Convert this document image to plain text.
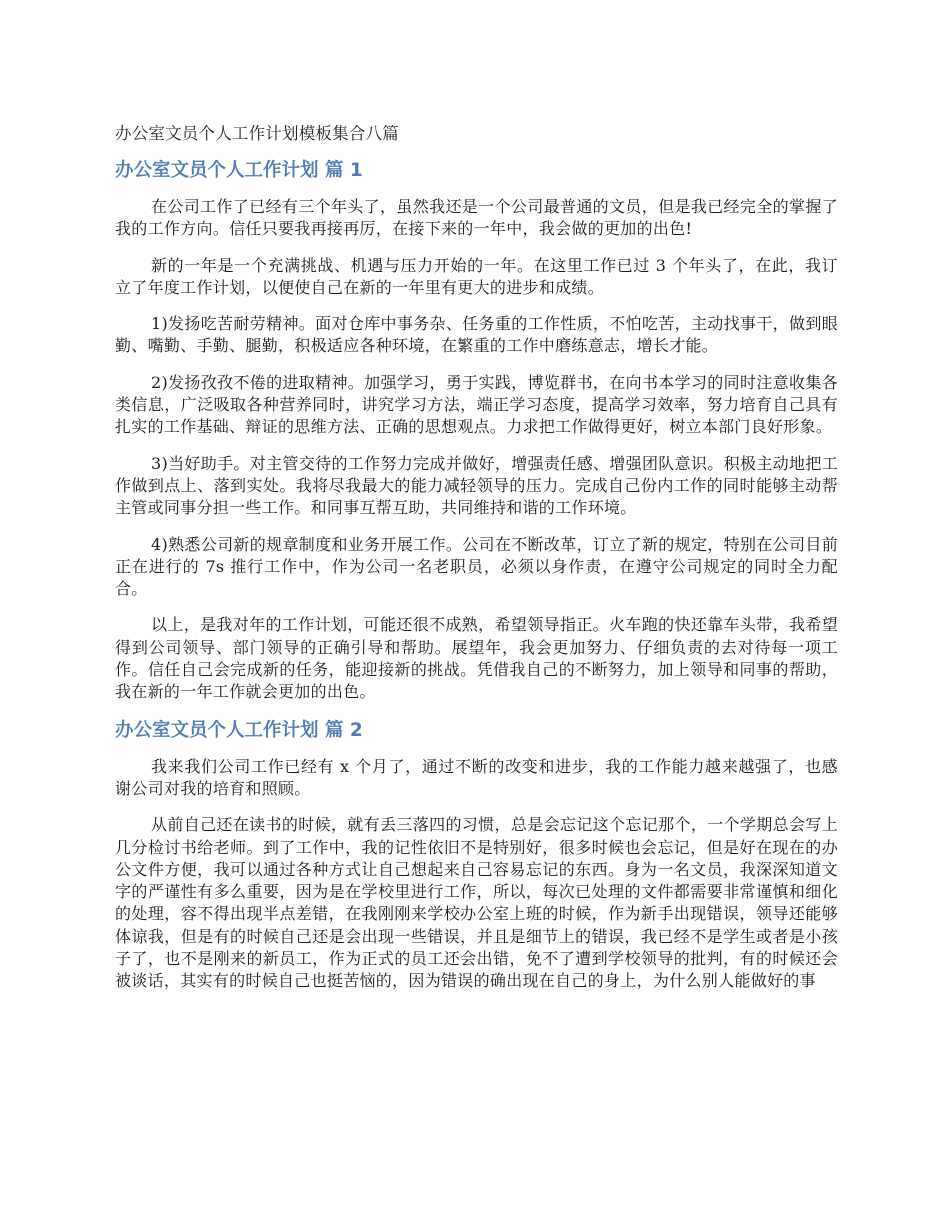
办公室文员个人工作计划模板集合八篇
办公室文员个人工作计划 篇 1

在公司工作了已经有三个年头了，虽然我还是一个公司最普通的文员，但是我已经完全的掌握了我的工作方向。信任只要我再接再厉，在接下来的一年中，我会做的更加的出色!

新的一年是一个充满挑战、机遇与压力开始的一年。在这里工作已过 3 个年头了，在此，我订立了年度工作计划，以便使自己在新的一年里有更大的进步和成绩。

1)发扬吃苦耐劳精神。面对仓库中事务杂、任务重的工作性质，不怕吃苦，主动找事干，做到眼勤、嘴勤、手勤、腿勤，积极适应各种环境，在繁重的工作中磨练意志，增长才能。

2)发扬孜孜不倦的进取精神。加强学习，勇于实践，博览群书，在向书本学习的同时注意收集各类信息，广泛吸取各种营养同时，讲究学习方法，端正学习态度，提高学习效率，努力培育自己具有扎实的工作基础、辩证的思维方法、正确的思想观点。力求把工作做得更好，树立本部门良好形象。

3)当好助手。对主管交待的工作努力完成并做好，增强责任感、增强团队意识。积极主动地把工作做到点上、落到实处。我将尽我最大的能力减轻领导的压力。完成自己份内工作的同时能够主动帮主管或同事分担一些工作。和同事互帮互助，共同维持和谐的工作环境。

4)熟悉公司新的规章制度和业务开展工作。公司在不断改革，订立了新的规定，特别在公司目前正在进行的 7s 推行工作中，作为公司一名老职员，必须以身作责，在遵守公司规定的同时全力配合。

以上，是我对年的工作计划，可能还很不成熟，希望领导指正。火车跑的快还靠车头带，我希望得到公司领导、部门领导的正确引导和帮助。展望年，我会更加努力、仔细负责的去对待每一项工作。信任自己会完成新的任务，能迎接新的挑战。凭借我自己的不断努力，加上领导和同事的帮助，我在新的一年工作就会更加的出色。

办公室文员个人工作计划 篇 2

我来我们公司工作已经有 x 个月了，通过不断的改变和进步，我的工作能力越来越强了，也感谢公司对我的培育和照顾。

从前自己还在读书的时候，就有丢三落四的习惯，总是会忘记这个忘记那个，一个学期总会写上几分检讨书给老师。到了工作中，我的记性依旧不是特别好，很多时候也会忘记，但是好在现在的办公文件方便，我可以通过各种方式让自己想起来自己容易忘记的东西。身为一名文员，我深深知道文字的严谨性有多么重要，因为是在学校里进行工作，所以，每次已处理的文件都需要非常谨慎和细化的处理，容不得出现半点差错，在我刚刚来学校办公室上班的时候，作为新手出现错误，领导还能够体谅我，但是有的时候自己还是会出现一些错误，并且是细节上的错误，我已经不是学生或者是小孩子了，也不是刚来的新员工，作为正式的员工还会出错，免不了遭到学校领导的批判，有的时候还会被谈话，其实有的时候自己也挺苦恼的，因为错误的确出现在自己的身上，为什么别人能做好的事
